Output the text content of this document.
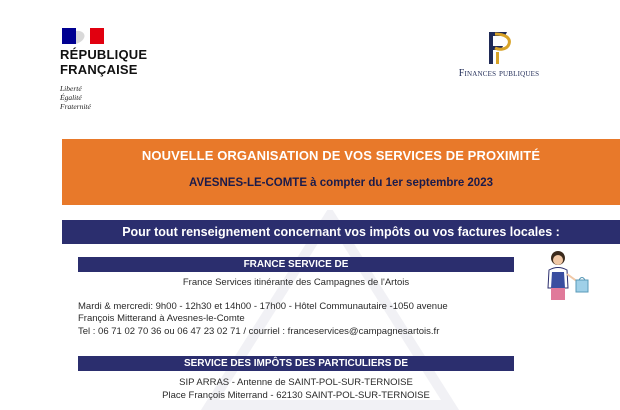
RÉPUBLIQUE
FRANÇAISE
Liberté
Égalité
Fraternité
Finances publiques
NOUVELLE ORGANISATION DE VOS SERVICES DE PROXIMITÉ
AVESNES-LE-COMTE à compter du 1er septembre 2023
Pour tout renseignement concernant vos impôts ou vos factures locales :
FRANCE SERVICE DE
France Services itinérante des Campagnes de l'Artois
Mardi & mercredi: 9h00 - 12h30 et 14h00 - 17h00 - Hôtel Communautaire -1050 avenue
François Mitterand à Avesnes-le-Comte
Tel : 06 71 02 70 36 ou 06 47 23 02 71 / courriel : franceservices@campagnesartois.fr
SERVICE DES IMPÔTS DES PARTICULIERS DE
SIP ARRAS - Antenne de SAINT-POL-SUR-TERNOISE
Place François Miterrand - 62130 SAINT-POL-SUR-TERNOISE
